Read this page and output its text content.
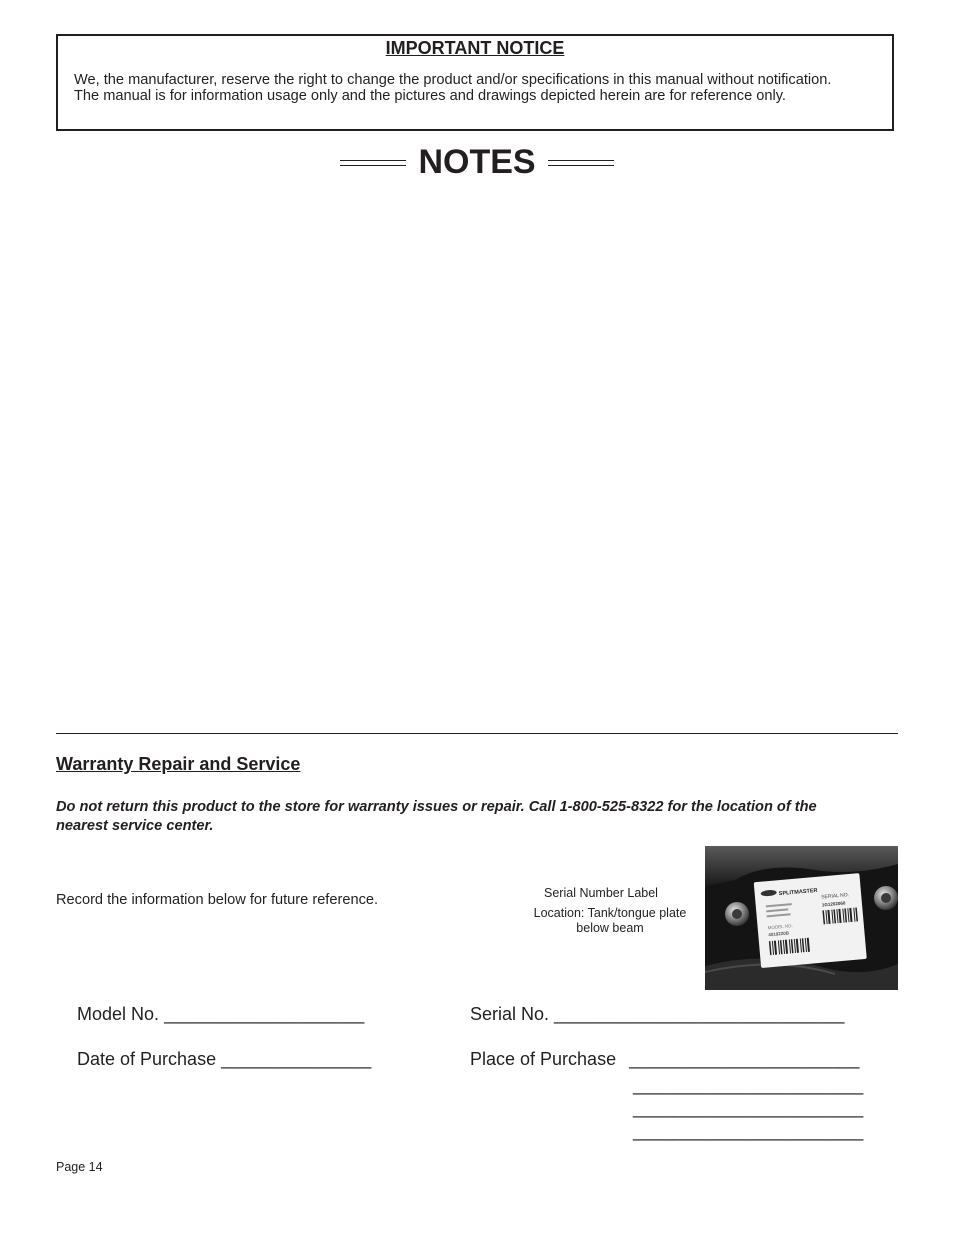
IMPORTANT NOTICE
We, the manufacturer, reserve the right to change the product and/or specifications in this manual without notification.
The manual is for information usage only and the pictures and drawings depicted herein are for reference only.
NOTES
Warranty Repair and Service
Do not return this product to the store for warranty issues or repair. Call 1-800-525-8322 for the location of the
nearest service center.
Record the information below for future reference.	Serial Number Label
Location: Tank/tongue plate
below beam
SPLITMASTER SERIAL NO.
1G1202060
MODEL NO.
4019220B
Model No. ____________________	Serial No. _____________________________
Date of Purchase _______________	Place of Purchase _______________________
_______________________
_______________________
_______________________
Page 14
